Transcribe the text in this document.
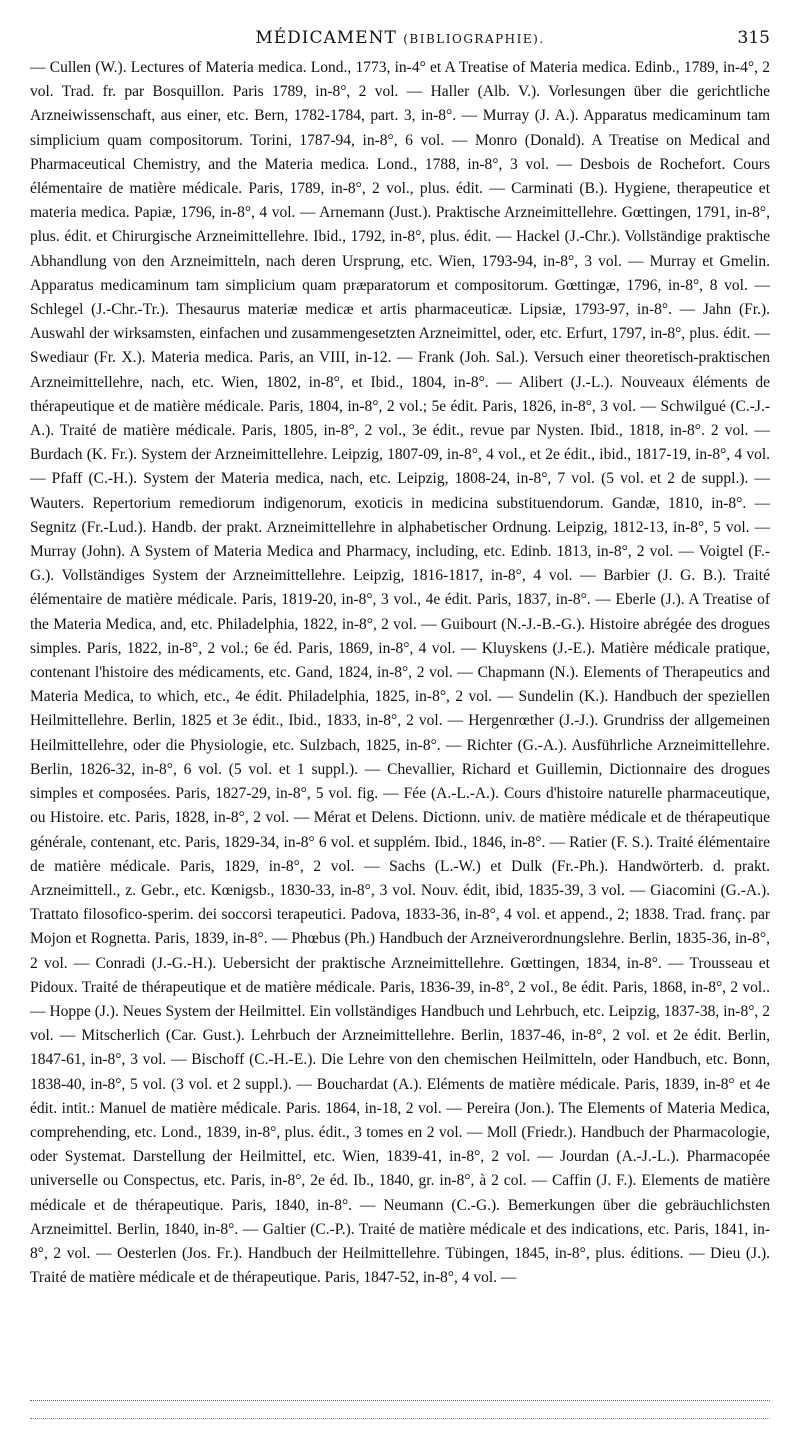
MÉDICAMENT (BIBLIOGRAPHIE).	315

— Cullen (W.). Lectures of Materia medica. Lond., 1773, in-4° et A Treatise of Materia medica. Edinb., 1789, in-4°, 2 vol. Trad. fr. par Bosquillon. Paris 1789, in-8°, 2 vol. — Haller (Alb. V.). Vorlesungen über die gerichtliche Arzneiwissenschaft, aus einer, etc. Bern, 1782-1784, part. 3, in-8°. — Murray (J. A.). Apparatus medicaminum tam simplicium quam compositorum. Torini, 1787-94, in-8°, 6 vol. — Monro (Donald). A Treatise on Medical and Pharmaceutical Chemistry, and the Materia medica. Lond., 1788, in-8°, 3 vol. — Desbois de Rochefort. Cours élémentaire de matière médicale. Paris, 1789, in-8°, 2 vol., plus. édit. — Carminati (B.). Hygiene, therapeutice et materia medica. Papiæ, 1796, in-8°, 4 vol. — Arnemann (Just.). Praktische Arzneimittellehre. Gœttingen, 1791, in-8°, plus. édit. et Chirurgische Arzneimittellehre. Ibid., 1792, in-8°, plus. édit. — Hackel (J.-Chr.). Vollständige praktische Abhandlung von den Arzneimitteln, nach deren Ursprung, etc. Wien, 1793-94, in-8°, 3 vol. — Murray et Gmelin. Apparatus medicaminum tam simplicium quam præparatorum et compositorum. Gœttingæ, 1796, in-8°, 8 vol. — Schlegel (J.-Chr.-Tr.). Thesaurus materiæ medicæ et artis pharmaceuticæ. Lipsiæ, 1793-97, in-8°. — Jahn (Fr.). Auswahl der wirksamsten, einfachen und zusammengesetzten Arzneimittel, oder, etc. Erfurt, 1797, in-8°, plus. édit. — Swediaur (Fr. X.). Materia medica. Paris, an VIII, in-12. — Frank (Joh. Sal.). Versuch einer theoretisch-praktischen Arzneimittellehre, nach, etc. Wien, 1802, in-8°, et Ibid., 1804, in-8°. — Alibert (J.-L.). Nouveaux éléments de thérapeutique et de matière médicale. Paris, 1804, in-8°, 2 vol.; 5e édit. Paris, 1826, in-8°, 3 vol. — Schwilgué (C.-J.-A.). Traité de matière médicale. Paris, 1805, in-8°, 2 vol., 3e édit., revue par Nysten. Ibid., 1818, in-8°. 2 vol. — Burdach (K. Fr.). System der Arzneimittellehre. Leipzig, 1807-09, in-8°, 4 vol., et 2e édit., ibid., 1817-19, in-8°, 4 vol. — Pfaff (C.-H.). System der Materia medica, nach, etc. Leipzig, 1808-24, in-8°, 7 vol. (5 vol. et 2 de suppl.). — Wauters. Repertorium remediorum indigenorum, exoticis in medicina substituendorum. Gandæ, 1810, in-8°. — Segnitz (Fr.-Lud.). Handb. der prakt. Arzneimittellehre in alphabetischer Ordnung. Leipzig, 1812-13, in-8°, 5 vol. — Murray (John). A System of Materia Medica and Pharmacy, including, etc. Edinb. 1813, in-8°, 2 vol. — Voigtel (F.-G.). Vollständiges System der Arzneimittellehre. Leipzig, 1816-1817, in-8°, 4 vol. — Barbier (J. G. B.). Traité élémentaire de matière médicale. Paris, 1819-20, in-8°, 3 vol., 4e édit. Paris, 1837, in-8°. — Eberle (J.). A Treatise of the Materia Medica, and, etc. Philadelphia, 1822, in-8°, 2 vol. — Guibourt (N.-J.-B.-G.). Histoire abrégée des drogues simples. Paris, 1822, in-8°, 2 vol.; 6e éd. Paris, 1869, in-8°, 4 vol. — Kluyskens (J.-E.). Matière médicale pratique, contenant l'histoire des médicaments, etc. Gand, 1824, in-8°, 2 vol. — Chapmann (N.). Elements of Therapeutics and Materia Medica, to which, etc., 4e édit. Philadelphia, 1825, in-8°, 2 vol. — Sundelin (K.). Handbuch der speziellen Heilmittellehre. Berlin, 1825 et 3e édit., Ibid., 1833, in-8°, 2 vol. — Hergenrœther (J.-J.). Grundriss der allgemeinen Heilmittellehre, oder die Physiologie, etc. Sulzbach, 1825, in-8°. — Richter (G.-A.). Ausführliche Arzneimittellehre. Berlin, 1826-32, in-8°, 6 vol. (5 vol. et 1 suppl.). — Chevallier, Richard et Guillemin, Dictionnaire des drogues simples et composées. Paris, 1827-29, in-8°, 5 vol. fig. — Fée (A.-L.-A.). Cours d'histoire naturelle pharmaceutique, ou Histoire. etc. Paris, 1828, in-8°, 2 vol. — Mérat et Delens. Dictionn. univ. de matière médicale et de thérapeutique générale, contenant, etc. Paris, 1829-34, in-8° 6 vol. et supplém. Ibid., 1846, in-8°. — Ratier (F. S.). Traité élémentaire de matière médicale. Paris, 1829, in-8°, 2 vol. — Sachs (L.-W.) et Dulk (Fr.-Ph.). Handwörterb. d. prakt. Arzneimittell., z. Gebr., etc. Kœnigsb., 1830-33, in-8°, 3 vol. Nouv. édit, ibid, 1835-39, 3 vol. — Giacomini (G.-A.). Trattato filosofico-sperim. dei soccorsi terapeutici. Padova, 1833-36, in-8°, 4 vol. et append., 2; 1838. Trad. franç. par Mojon et Rognetta. Paris, 1839, in-8°. — Phœbus (Ph.) Handbuch der Arzneiverordnungslehre. Berlin, 1835-36, in-8°, 2 vol. — Conradi (J.-G.-H.). Uebersicht der praktische Arzneimittellehre. Gœttingen, 1834, in-8°. — Trousseau et Pidoux. Traité de thérapeutique et de matière médicale. Paris, 1836-39, in-8°, 2 vol., 8e édit. Paris, 1868, in-8°, 2 vol.. — Hoppe (J.). Neues System der Heilmittel. Ein vollständiges Handbuch und Lehrbuch, etc. Leipzig, 1837-38, in-8°, 2 vol. — Mitscherlich (Car. Gust.). Lehrbuch der Arzneimittellehre. Berlin, 1837-46, in-8°, 2 vol. et 2e édit. Berlin, 1847-61, in-8°, 3 vol. — Bischoff (C.-H.-E.). Die Lehre von den chemischen Heilmitteln, oder Handbuch, etc. Bonn, 1838-40, in-8°, 5 vol. (3 vol. et 2 suppl.). — Bouchardat (A.). Eléments de matière médicale. Paris, 1839, in-8° et 4e édit. intit.: Manuel de matière médicale. Paris. 1864, in-18, 2 vol. — Pereira (Jon.). The Elements of Materia Medica, comprehending, etc. Lond., 1839, in-8°, plus. édit., 3 tomes en 2 vol. — Moll (Friedr.). Handbuch der Pharmacologie, oder Systemat. Darstellung der Heilmittel, etc. Wien, 1839-41, in-8°, 2 vol. — Jourdan (A.-J.-L.). Pharmacopée universelle ou Conspectus, etc. Paris, in-8°, 2e éd. Ib., 1840, gr. in-8°, à 2 col. — Caffin (J. F.). Elements de matière médicale et de thérapeutique. Paris, 1840, in-8°. — Neumann (C.-G.). Bemerkungen über die gebräuchlichsten Arzneimittel. Berlin, 1840, in-8°. — Galtier (C.-P.). Traité de matière médicale et des indications, etc. Paris, 1841, in-8°, 2 vol. — Oesterlen (Jos. Fr.). Handbuch der Heilmittellehre. Tübingen, 1845, in-8°, plus. éditions. — Dieu (J.). Traité de matière médicale et de thérapeutique. Paris, 1847-52, in-8°, 4 vol. —
